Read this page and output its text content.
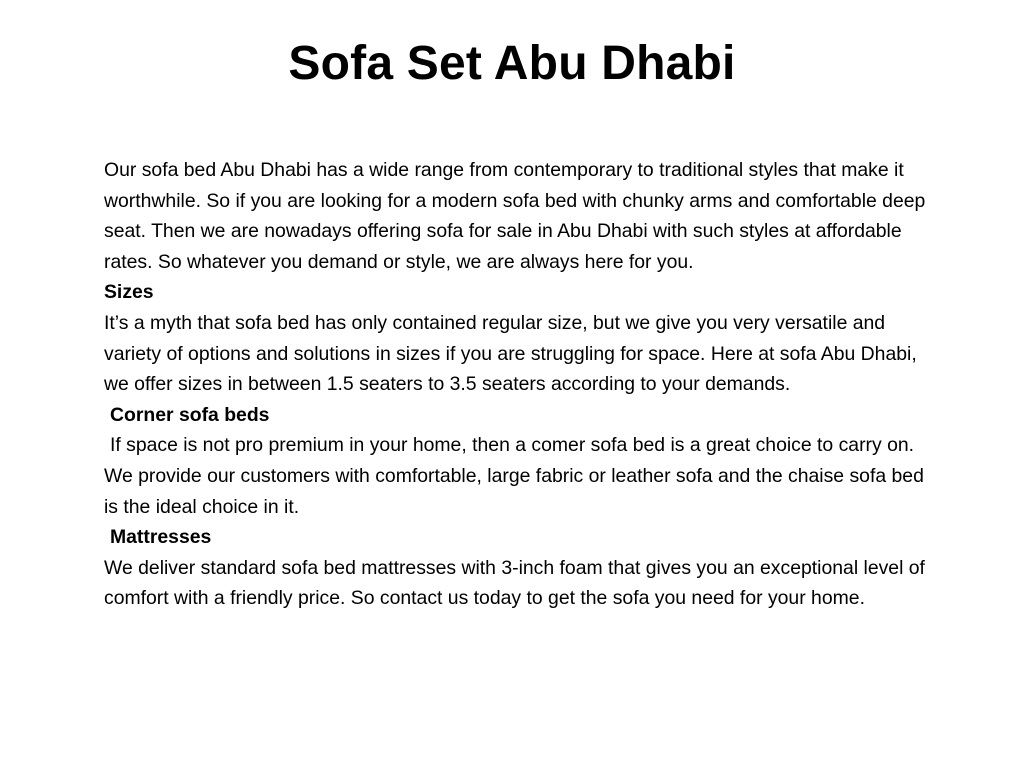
Sofa Set Abu Dhabi

Our sofa bed Abu Dhabi has a wide range from contemporary to traditional styles that make it worthwhile. So if you are looking for a modern sofa bed with chunky arms and comfortable deep seat. Then we are nowadays offering sofa for sale in Abu Dhabi with such styles at affordable rates. So whatever you demand or style, we are always here for you.

Sizes

It’s a myth that sofa bed has only contained regular size, but we give you very versatile and variety of options and solutions in sizes if you are struggling for space. Here at sofa Abu Dhabi, we offer sizes in between 1.5 seaters to 3.5 seaters according to your demands.

Corner sofa beds

If space is not pro premium in your home, then a comer sofa bed is a great choice to carry on. We provide our customers with comfortable, large fabric or leather sofa and the chaise sofa bed is the ideal choice in it.

Mattresses

We deliver standard sofa bed mattresses with 3-inch foam that gives you an exceptional level of comfort with a friendly price. So contact us today to get the sofa you need for your home.
